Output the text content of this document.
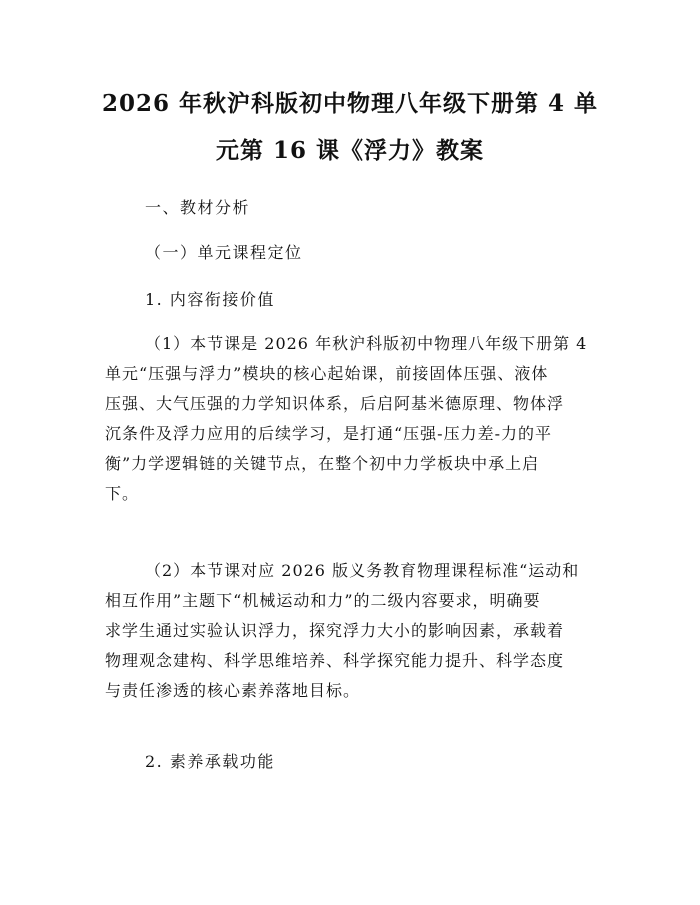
2026 年秋沪科版初中物理八年级下册第 4 单
元第 16 课《浮力》教案

一、教材分析

（一）单元课程定位

1. 内容衔接价值

（1）本节课是 2026 年秋沪科版初中物理八年级下册第 4
单元“压强与浮力”模块的核心起始课，前接固体压强、液体
压强、大气压强的力学知识体系，后启阿基米德原理、物体浮
沉条件及浮力应用的后续学习，是打通“压强-压力差-力的平
衡”力学逻辑链的关键节点，在整个初中力学板块中承上启
下。
（2）本节课对应 2026 版义务教育物理课程标准“运动和
相互作用”主题下“机械运动和力”的二级内容要求，明确要
求学生通过实验认识浮力，探究浮力大小的影响因素，承载着
物理观念建构、科学思维培养、科学探究能力提升、科学态度
与责任渗透的核心素养落地目标。

2. 素养承载功能
